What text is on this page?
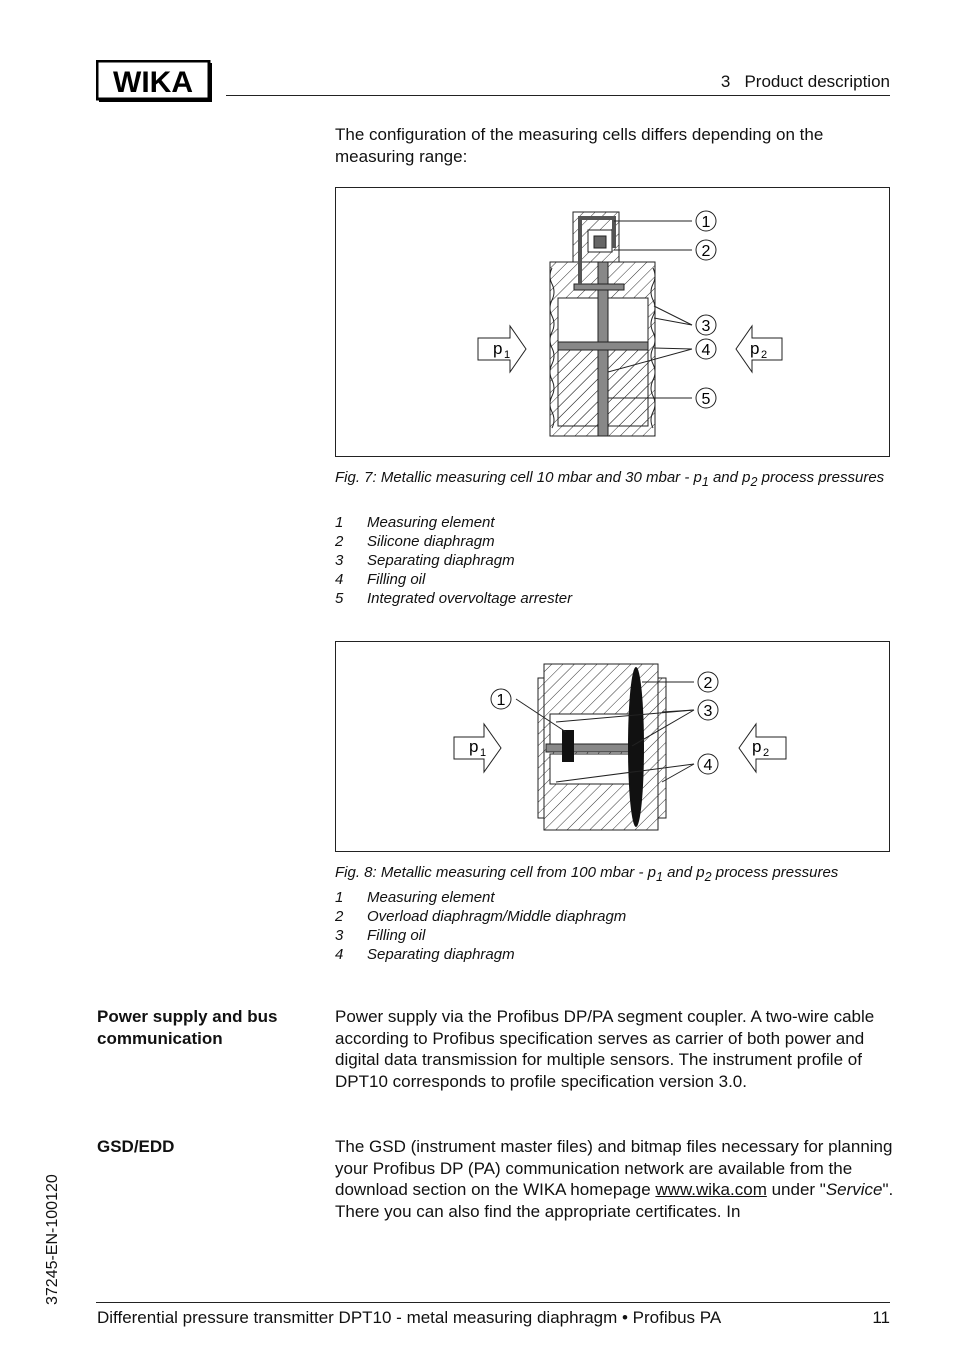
WIKA	3   Product description
The configuration of the measuring cells differs depending on the measuring range:
1
2
3
4
5
p 1	p 2
Fig. 7: Metallic measuring cell 10 mbar and 30 mbar - $p_1$ and $p_2$ process pressures
1	Measuring element
2	Silicone diaphragm
3	Separating diaphragm
4	Filling oil
5	Integrated overvoltage arrester
1
2
3
4
p 1	p 2
Fig. 8: Metallic measuring cell from 100 mbar - $p_1$ and $p_2$ process pressures
1	Measuring element
2	Overload diaphragm/Middle diaphragm
3	Filling oil
4	Separating diaphragm
Power supply and bus communication
Power supply via the Profibus DP/PA segment coupler. A two-wire cable according to Profibus specification serves as carrier of both power and digital data transmission for multiple sensors. The instrument profile of DPT10 corresponds to profile specification version 3.0.
GSD/EDD	The GSD (instrument master files) and bitmap files necessary for planning your Profibus DP (PA) communication network are available from the download section on the WIKA homepage www.wika.com under "Service". There you can also find the appropriate certificates. In
37245-EN-100120
Differential pressure transmitter DPT10 - metal measuring diaphragm • Profibus PA	11
